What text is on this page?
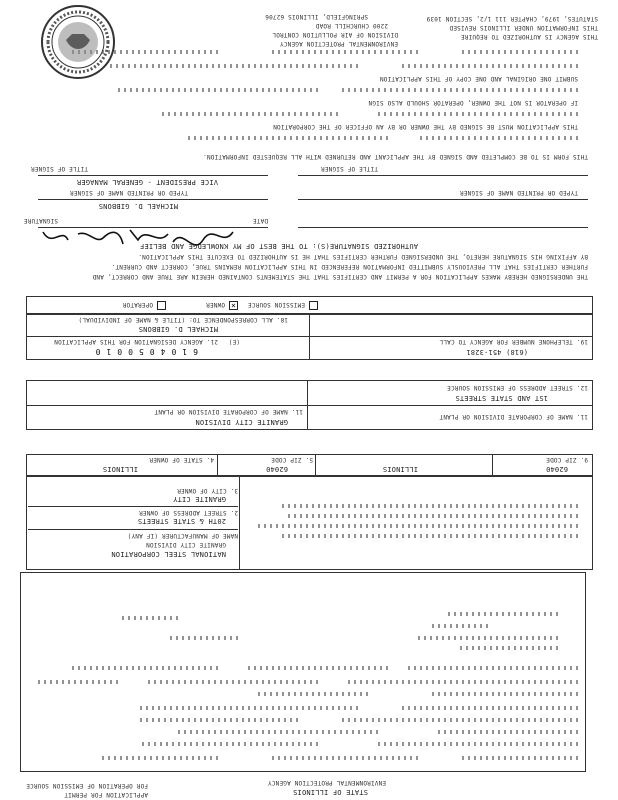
STATE OF ILLINOIS
ENVIRONMENTAL PROTECTION AGENCY
APPLICATION FOR PERMIT
FOR OPERATION OF EMISSION SOURCE
NATIONAL STEEL CORPORATION
GRANITE CITY DIVISION
NAME OF MANUFACTURER (IF ANY)
20TH & STATE STREETS
2. STREET ADDRESS OF OWNER
GRANITE CITY
3. CITY OF OWNER
62040
9. ZIP CODE
ILLINOIS
62040
5. ZIP CODE
ILLINOIS
4. STATE OF OWNER
GRANITE CITY DIVISION
11. NAME OF CORPORATE DIVISION OR PLANT
1ST AND STATE STREETS
12. STREET ADDRESS OF EMISSION SOURCE
11. NAME OF CORPORATE DIVISION OR PLANT
6 1 0 4 0 5 0 0 1 0
(E)
21. AGENCY DESIGNATION FOR THIS APPLICATION
(618) 451-3281
19. TELEPHONE NUMBER FOR AGENCY TO CALL
MICHAEL D. GIBBONS
18. ALL CORRESPONDENCE TO: (TITLE & NAME OF INDIVIDUAL)
×
OWNER
OPERATOR	EMISSION SOURCE
THE UNDERSIGNED HEREBY MAKES APPLICATION FOR A PERMIT AND CERTIFIES THAT THE STATEMENTS CONTAINED HEREIN ARE TRUE AND CORRECT, AND
FURTHER CERTIFIES THAT ALL PREVIOUSLY SUBMITTED INFORMATION REFERENCED IN THIS APPLICATION REMAINS TRUE, CORRECT AND CURRENT.
BY AFFIXING HIS SIGNATURE HERETO, THE UNDERSIGNED FURTHER CERTIFIES THAT HE IS AUTHORIZED TO EXECUTE THIS APPLICATION.
AUTHORIZED SIGNATURE(S): TO THE BEST OF MY KNOWLEDGE AND BELIEF
SIGNATURE	DATE
MICHAEL D. GIBBONS
TYPED OR PRINTED NAME OF SIGNER	TYPED OR PRINTED NAME OF SIGNER
VICE PRESIDENT - GENERAL MANAGER
TITLE OF SIGNER	TITLE OF SIGNER
THIS FORM IS TO BE COMPLETED AND SIGNED BY THE APPLICANT AND RETURNED WITH ALL REQUESTED INFORMATION.
THIS APPLICATION MUST BE SIGNED BY THE OWNER OR BY AN OFFICER OF THE CORPORATION
IF OPERATOR IS NOT THE OWNER, OPERATOR SHOULD ALSO SIGN
SUBMIT ONE ORIGINAL AND ONE COPY OF THIS APPLICATION
SPRINGFIELD, ILLINOIS 62706
2200 CHURCHILL ROAD
DIVISION OF AIR POLLUTION CONTROL
ENVIRONMENTAL PROTECTION AGENCY
THIS AGENCY IS AUTHORIZED TO REQUIRE
THIS INFORMATION UNDER ILLINOIS REVISED
STATUTES, 1979, CHAPTER 111 1/2, SECTION 1039
